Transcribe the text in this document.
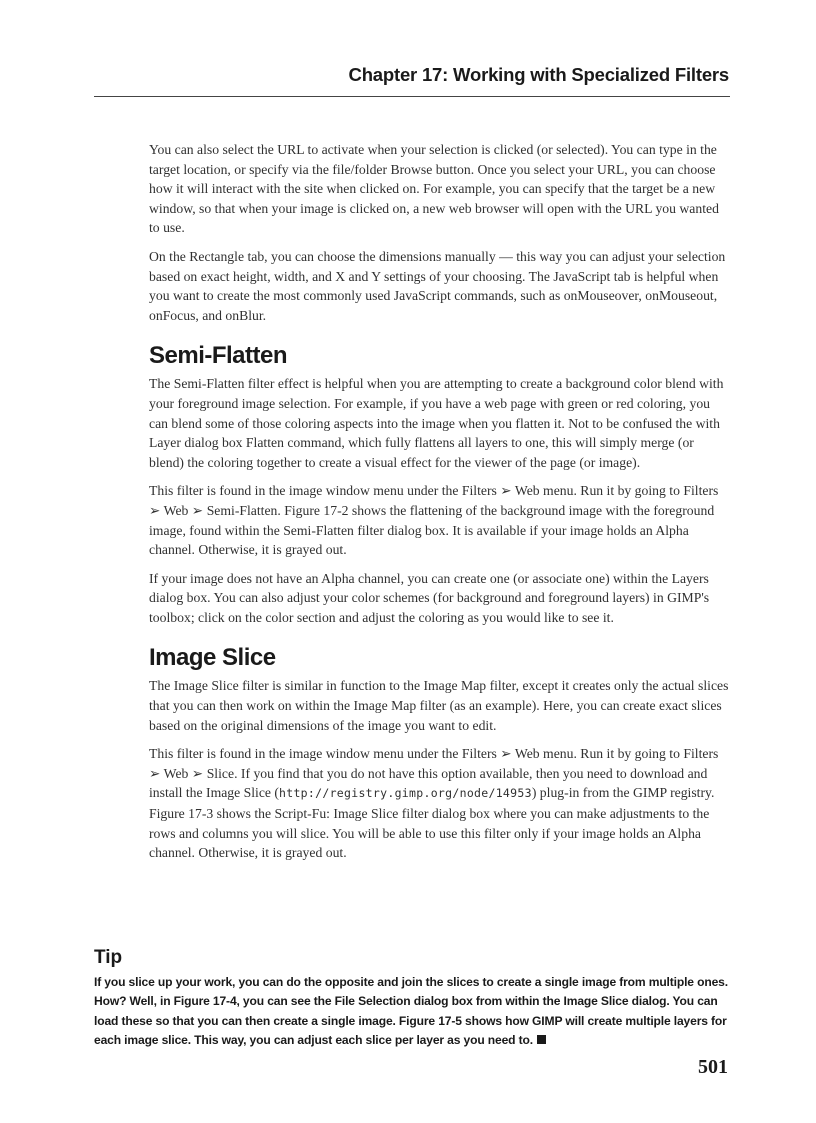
Chapter 17: Working with Specialized Filters

You can also select the URL to activate when your selection is clicked (or selected). You can type in the target location, or specify via the file/folder Browse button. Once you select your URL, you can choose how it will interact with the site when clicked on. For example, you can specify that the target be a new window, so that when your image is clicked on, a new web browser will open with the URL you wanted to use.

On the Rectangle tab, you can choose the dimensions manually — this way you can adjust your selection based on exact height, width, and X and Y settings of your choosing. The JavaScript tab is helpful when you want to create the most commonly used JavaScript commands, such as onMouseover, onMouseout, onFocus, and onBlur.

Semi-Flatten

The Semi-Flatten filter effect is helpful when you are attempting to create a background color blend with your foreground image selection. For example, if you have a web page with green or red coloring, you can blend some of those coloring aspects into the image when you flatten it. Not to be confused the with Layer dialog box Flatten command, which fully flattens all layers to one, this will simply merge (or blend) the coloring together to create a visual effect for the viewer of the page (or image).

This filter is found in the image window menu under the Filters ➢ Web menu. Run it by going to Filters ➢ Web ➢ Semi-Flatten. Figure 17-2 shows the flattening of the background image with the foreground image, found within the Semi-Flatten filter dialog box. It is available if your image holds an Alpha channel. Otherwise, it is grayed out.

If your image does not have an Alpha channel, you can create one (or associate one) within the Layers dialog box. You can also adjust your color schemes (for background and foreground layers) in GIMP's toolbox; click on the color section and adjust the coloring as you would like to see it.

Image Slice

The Image Slice filter is similar in function to the Image Map filter, except it creates only the actual slices that you can then work on within the Image Map filter (as an example). Here, you can create exact slices based on the original dimensions of the image you want to edit.

This filter is found in the image window menu under the Filters ➢ Web menu. Run it by going to Filters ➢ Web ➢ Slice. If you find that you do not have this option available, then you need to download and install the Image Slice (http://registry.gimp.org/node/14953) plug-in from the GIMP registry. Figure 17-3 shows the Script-Fu: Image Slice filter dialog box where you can make adjustments to the rows and columns you will slice. You will be able to use this filter only if your image holds an Alpha channel. Otherwise, it is grayed out.

Tip

If you slice up your work, you can do the opposite and join the slices to create a single image from multiple ones. How? Well, in Figure 17-4, you can see the File Selection dialog box from within the Image Slice dialog. You can load these so that you can then create a single image. Figure 17-5 shows how GIMP will create multiple layers for each image slice. This way, you can adjust each slice per layer as you need to.

501
